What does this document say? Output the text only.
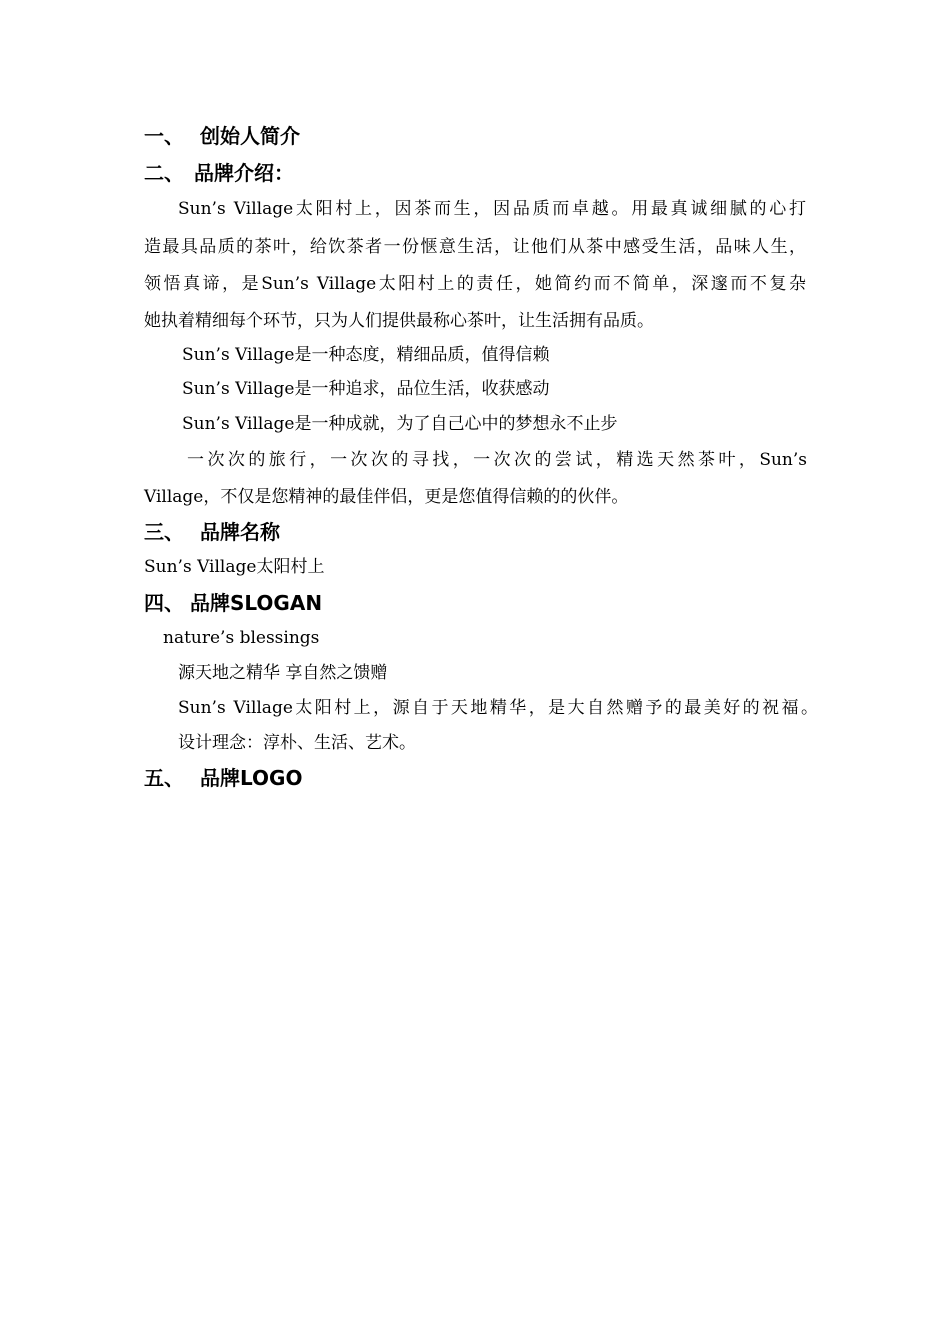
一、 创始人简介
二、 品牌介绍：
Sun’s Village太阳村上，因茶而生，因品质而卓越。用最真诚细腻的心打
造最具品质的茶叶，给饮茶者一份惬意生活，让他们从茶中感受生活，品味人生，
领悟真谛，是Sun’s Village太阳村上的责任，她简约而不简单，深邃而不复杂
她执着精细每个环节，只为人们提供最称心茶叶，让生活拥有品质。
Sun’s Village是一种态度，精细品质，值得信赖
Sun’s Village是一种追求，品位生活，收获感动
Sun’s Village是一种成就，为了自己心中的梦想永不止步
一次次的旅行，一次次的寻找，一次次的尝试，精选天然茶叶，Sun’s
Village，不仅是您精神的最佳伴侣，更是您值得信赖的的伙伴。
三、 品牌名称
Sun’s Village太阳村上
四、 品牌SLOGAN
nature’s blessings
源天地之精华 享自然之馈赠
Sun’s Village太阳村上，源自于天地精华，是大自然赠予的最美好的祝福。
设计理念：淳朴、生活、艺术。
五、 品牌LOGO
